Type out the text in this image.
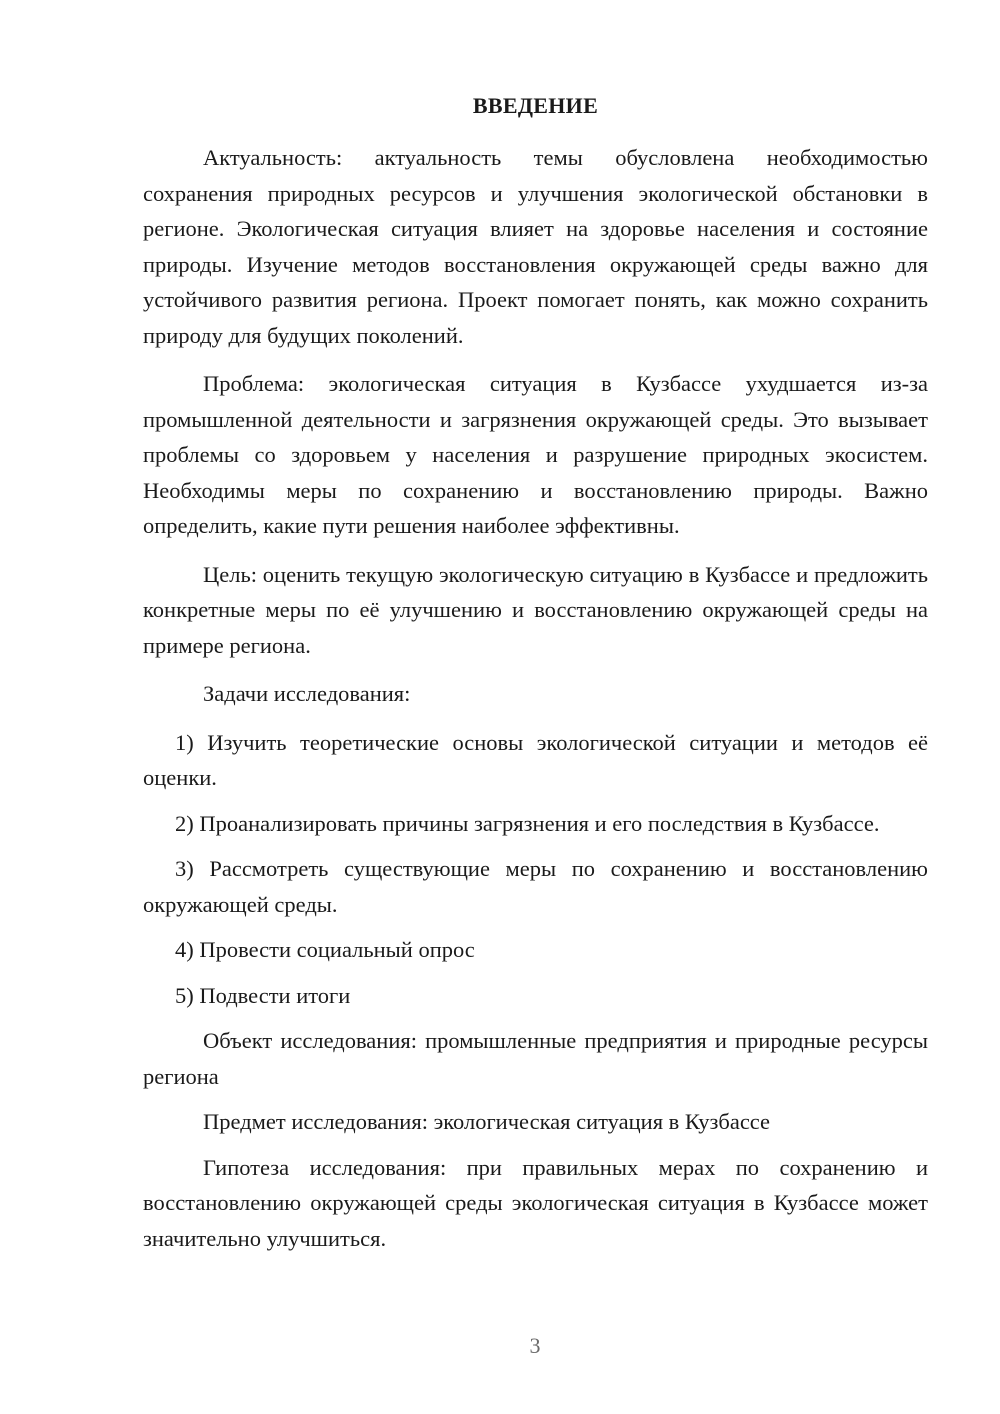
ВВЕДЕНИЕ

Актуальность: актуальность темы обусловлена необходимостью сохранения природных ресурсов и улучшения экологической обстановки в регионе. Экологическая ситуация влияет на здоровье населения и состояние природы. Изучение методов восстановления окружающей среды важно для устойчивого развития региона. Проект помогает понять, как можно сохранить природу для будущих поколений.

Проблема: экологическая ситуация в Кузбассе ухудшается из-за промышленной деятельности и загрязнения окружающей среды. Это вызывает проблемы со здоровьем у населения и разрушение природных экосистем. Необходимы меры по сохранению и восстановлению природы. Важно определить, какие пути решения наиболее эффективны.

Цель: оценить текущую экологическую ситуацию в Кузбассе и предложить конкретные меры по её улучшению и восстановлению окружающей среды на примере региона.

Задачи исследования:

1) Изучить теоретические основы экологической ситуации и методов её оценки.

2) Проанализировать причины загрязнения и его последствия в Кузбассе.

3) Рассмотреть существующие меры по сохранению и восстановлению окружающей среды.

4) Провести социальный опрос

5) Подвести итоги

Объект исследования: промышленные предприятия и природные ресурсы региона

Предмет исследования: экологическая ситуация в Кузбассе

Гипотеза исследования: при правильных мерах по сохранению и восстановлению окружающей среды экологическая ситуация в Кузбассе может значительно улучшиться.

3
